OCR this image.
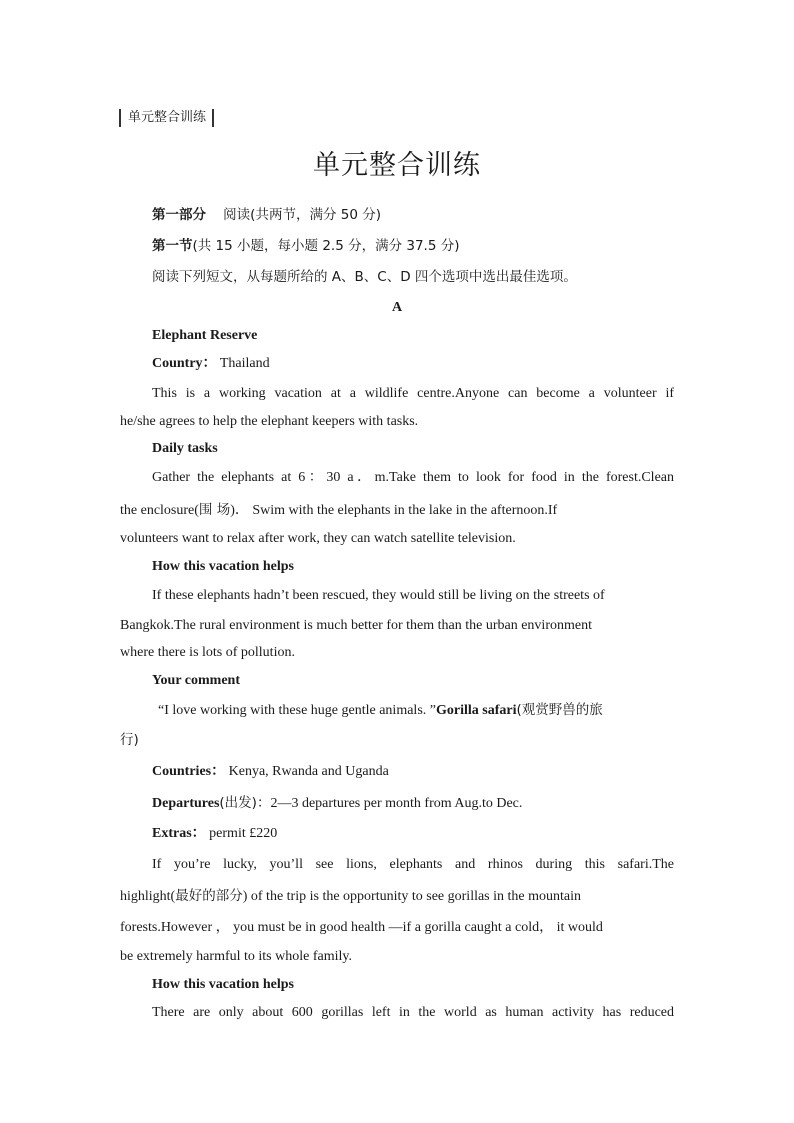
单元整合训练
单元整合训练
第一部分 阅读(共两节，满分 50 分)
第一节(共 15 小题，每小题 2.5 分，满分 37.5 分)
阅读下列短文，从每题所给的 A、B、C、D 四个选项中选出最佳选项。
A
Elephant Reserve
Country： Thailand
This is a working vacation at a wildlife centre.Anyone can become a volunteer if
he/she agrees to help the elephant keepers with tasks.
Daily tasks
Gather the elephants at 6：30 a．m.Take them to look for food in the forest.Clean
the enclosure(围 场)． Swim with the elephants in the lake in the afternoon.If
volunteers want to relax after work, they can watch satellite television.
How this vacation helps
If these elephants hadn’t been rescued, they would still be living on the streets of
Bangkok.The rural environment is much better for them than the urban environment
where there is lots of pollution.
Your comment
“I love working with these huge gentle animals. ”Gorilla safari(观赏野兽的旅
行)
Countries： Kenya, Rwanda and Uganda
Departures(出发)：2—3 departures per month from Aug.to Dec.
Extras： permit £220
If you’re lucky, you’ll see lions, elephants and rhinos during this safari.The
highlight(最好的部分) of the trip is the opportunity to see gorillas in the mountain
forests.However ， you must be in good health —if a gorilla caught a cold， it would
be extremely harmful to its whole family.
How this vacation helps
There are only about 600 gorillas left in the world as human activity has reduced
